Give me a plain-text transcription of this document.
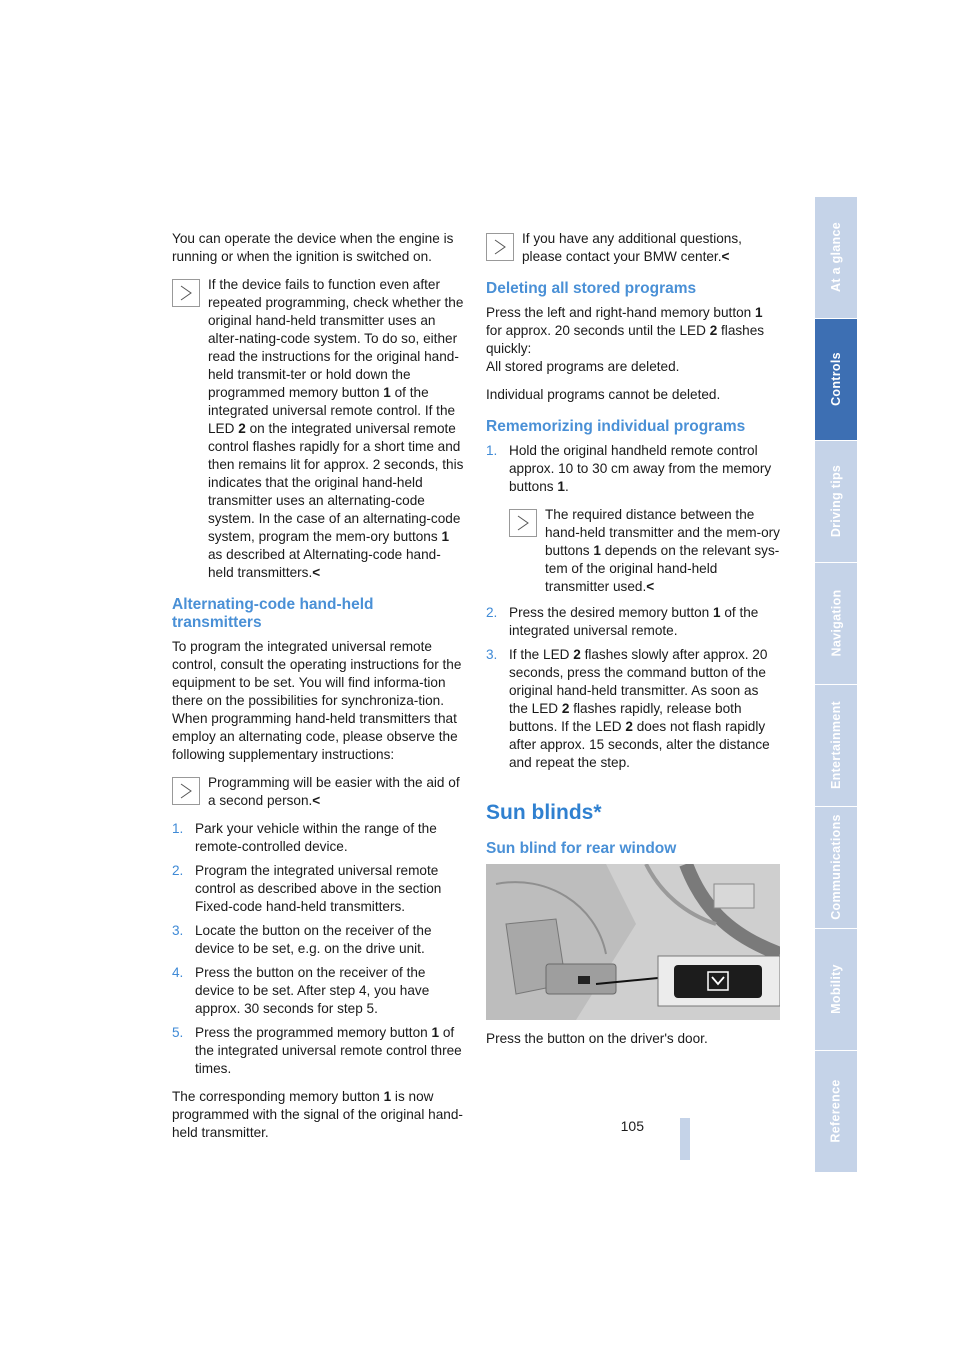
You can operate the device when the engine is running or when the ignition is switched on.

If the device fails to function even after repeated programming, check whether the original hand-held transmitter uses an alter-nating-code system. To do so, either read the instructions for the original hand-held transmit-ter or hold down the programmed memory button 1 of the integrated universal remote control. If the LED 2 on the integrated universal remote control flashes rapidly for a short time and then remains lit for approx. 2 seconds, this indicates that the original hand-held transmitter uses an alternating-code system. In the case of an alternating-code system, program the mem-ory buttons 1 as described at Alternating-code hand-held transmitters.<
Alternating-code hand-held transmitters

To program the integrated universal remote control, consult the operating instructions for the equipment to be set. You will find informa-tion there on the possibilities for synchroniza-tion.

When programming hand-held transmitters that employ an alternating code, please observe the following supplementary instructions:

Programming will be easier with the aid of a second person.<
1. Park your vehicle within the range of the remote-controlled device.
2. Program the integrated universal remote control as described above in the section Fixed-code hand-held transmitters.
3. Locate the button on the receiver of the device to be set, e.g. on the drive unit.
4. Press the button on the receiver of the device to be set. After step 4, you have approx. 30 seconds for step 5.
5. Press the programmed memory button 1 of the integrated universal remote control three times.

The corresponding memory button 1 is now programmed with the signal of the original hand-held transmitter.

If you have any additional questions, please contact your BMW center.<
Deleting all stored programs

Press the left and right-hand memory button 1 for approx. 20 seconds until the LED 2 flashes quickly:

All stored programs are deleted.

Individual programs cannot be deleted.

Rememorizing individual programs
1. Hold the original handheld remote control approx. 10 to 30 cm away from the memory buttons 1.
The required distance between the hand-held transmitter and the mem-ory buttons 1 depends on the relevant sys-tem of the original hand-held transmitter used.<
2. Press the desired memory button 1 of the integrated universal remote.
3. If the LED 2 flashes slowly after approx. 20 seconds, press the command button of the original hand-held transmitter. As soon as the LED 2 flashes rapidly, release both buttons. If the LED 2 does not flash rapidly after approx. 15 seconds, alter the distance and repeat the step.
Sun blinds*
Sun blind for rear window

Press the button on the driver's door.

At a glance
Controls
Driving tips
Navigation
Entertainment
Communications
Mobility
Reference
105
